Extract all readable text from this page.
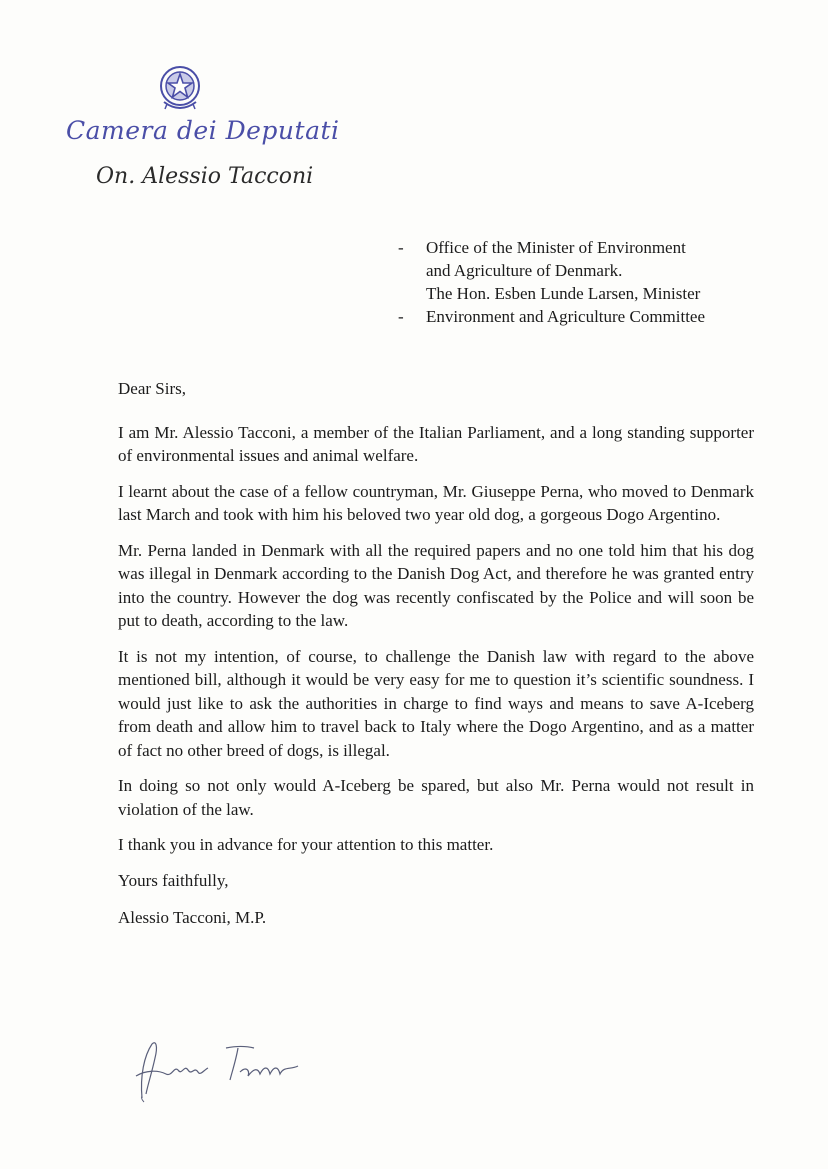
Camera dei Deputati
On. Alessio Tacconi
-	Office of the Minister of Environment
and Agriculture of Denmark.
The Hon. Esben Lunde Larsen, Minister
-	Environment and Agriculture Committee

Dear Sirs,

I am Mr. Alessio Tacconi, a member of the Italian Parliament, and a long standing supporter of environmental issues and animal welfare.

I learnt about the case of a fellow countryman, Mr. Giuseppe Perna, who moved to Denmark last March and took with him his beloved two year old dog, a gorgeous Dogo Argentino.

Mr. Perna landed in Denmark with all the required papers and no one told him that his dog was illegal in Denmark according to the Danish Dog Act, and therefore he was granted entry into the country. However the dog was recently confiscated by the Police and will soon be put to death, according to the law.

It is not my intention, of course, to challenge the Danish law with regard to the above mentioned bill, although it would be very easy for me to question it’s scientific soundness. I would just like to ask the authorities in charge to find ways and means to save A-Iceberg from death and allow him to travel back to Italy where the Dogo Argentino, and as a matter of fact no other breed of dogs, is illegal.

In doing so not only would A-Iceberg be spared, but also Mr. Perna would not result in violation of the law.

I thank you in advance for your attention to this matter.

Yours faithfully,

Alessio Tacconi, M.P.
